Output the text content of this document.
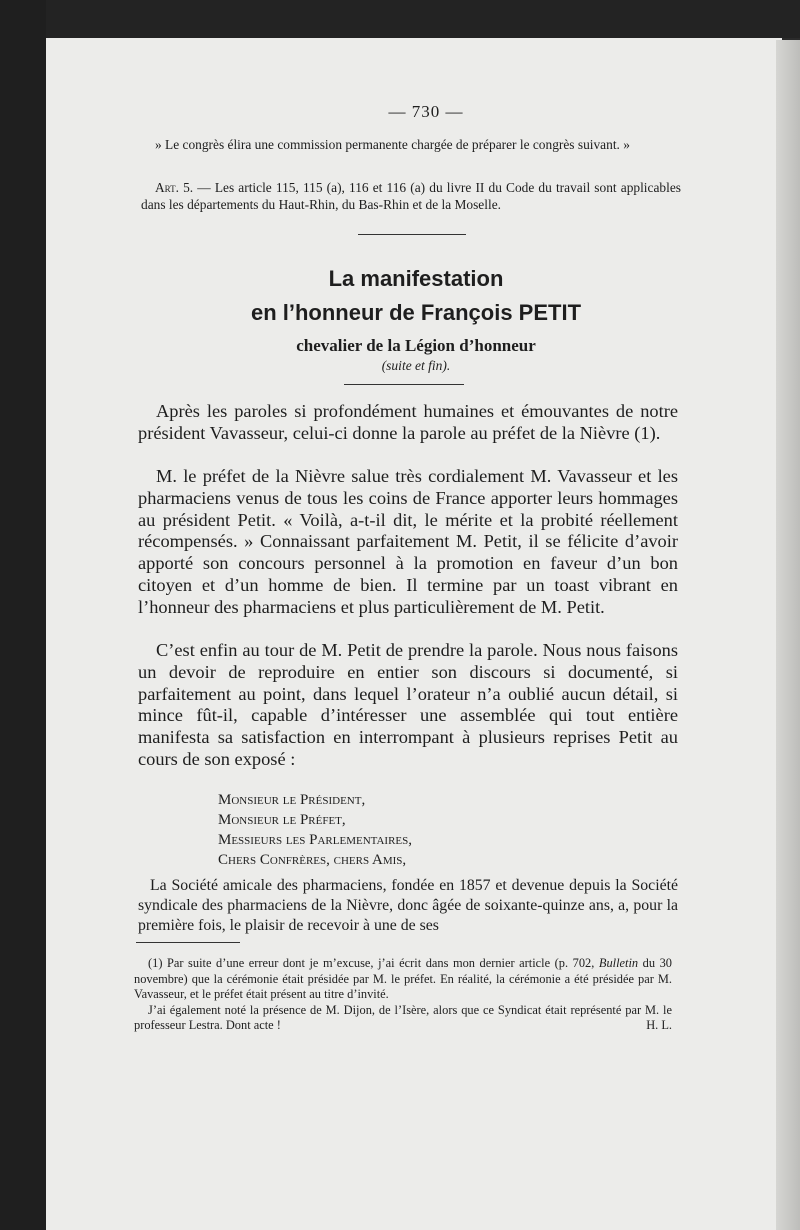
— 730 —
» Le congrès élira une commission permanente chargée de préparer le congrès suivant. »
Art. 5. — Les article 115, 115 (a), 116 et 116 (a) du livre II du Code du travail sont applicables dans les départements du Haut-Rhin, du Bas-Rhin et de la Moselle.
La manifestation
en l’honneur de François PETIT
chevalier de la Légion d’honneur
(suite et fin).
Après les paroles si profondément humaines et émouvantes de notre président Vavasseur, celui-ci donne la parole au préfet de la Nièvre (1).
M. le préfet de la Nièvre salue très cordialement M. Vavasseur et les pharmaciens venus de tous les coins de France apporter leurs hommages au président Petit. « Voilà, a-t-il dit, le mérite et la probité réellement récompensés. » Connaissant parfaitement M. Petit, il se félicite d’avoir apporté son concours personnel à la promotion en faveur d’un bon citoyen et d’un homme de bien. Il termine par un toast vibrant en l’honneur des pharmaciens et plus particulièrement de M. Petit.
C’est enfin au tour de M. Petit de prendre la parole. Nous nous faisons un devoir de reproduire en entier son discours si documenté, si parfaitement au point, dans lequel l’orateur n’a oublié aucun détail, si mince fût-il, capable d’intéresser une assemblée qui tout entière manifesta sa satisfaction en interrompant à plusieurs reprises Petit au cours de son exposé :
Monsieur le Président,
Monsieur le Préfet,
Messieurs les Parlementaires,
Chers Confrères, chers Amis,
La Société amicale des pharmaciens, fondée en 1857 et devenue depuis la Société syndicale des pharmaciens de la Nièvre, donc âgée de soixante-quinze ans, a, pour la première fois, le plaisir de recevoir à une de ses

(1) Par suite d’une erreur dont je m’excuse, j’ai écrit dans mon dernier article (p. 702, Bulletin du 30 novembre) que la cérémonie était présidée par M. le préfet. En réalité, la cérémonie a été présidée par M. Vavasseur, et le préfet était présent au titre d’invité.

J’ai également noté la présence de M. Dijon, de l’Isère, alors que ce Syndicat était représenté par M. le professeur Lestra. Dont acte !	H. L.
